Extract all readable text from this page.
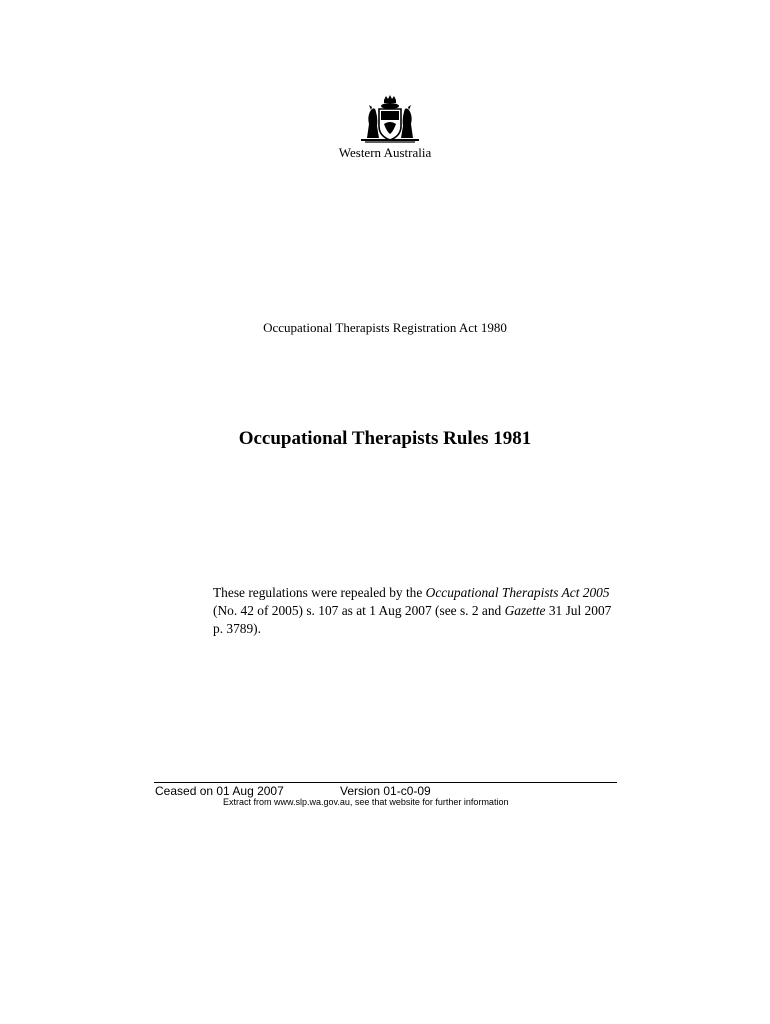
Western Australia
Occupational Therapists Registration Act 1980
Occupational Therapists Rules 1981
These regulations were repealed by the Occupational Therapists Act 2005 (No. 42 of 2005) s. 107 as at 1 Aug 2007 (see s. 2 and Gazette 31 Jul 2007 p. 3789).
Ceased on 01 Aug 2007	Version 01-c0-09
Extract from www.slp.wa.gov.au, see that website for further information
